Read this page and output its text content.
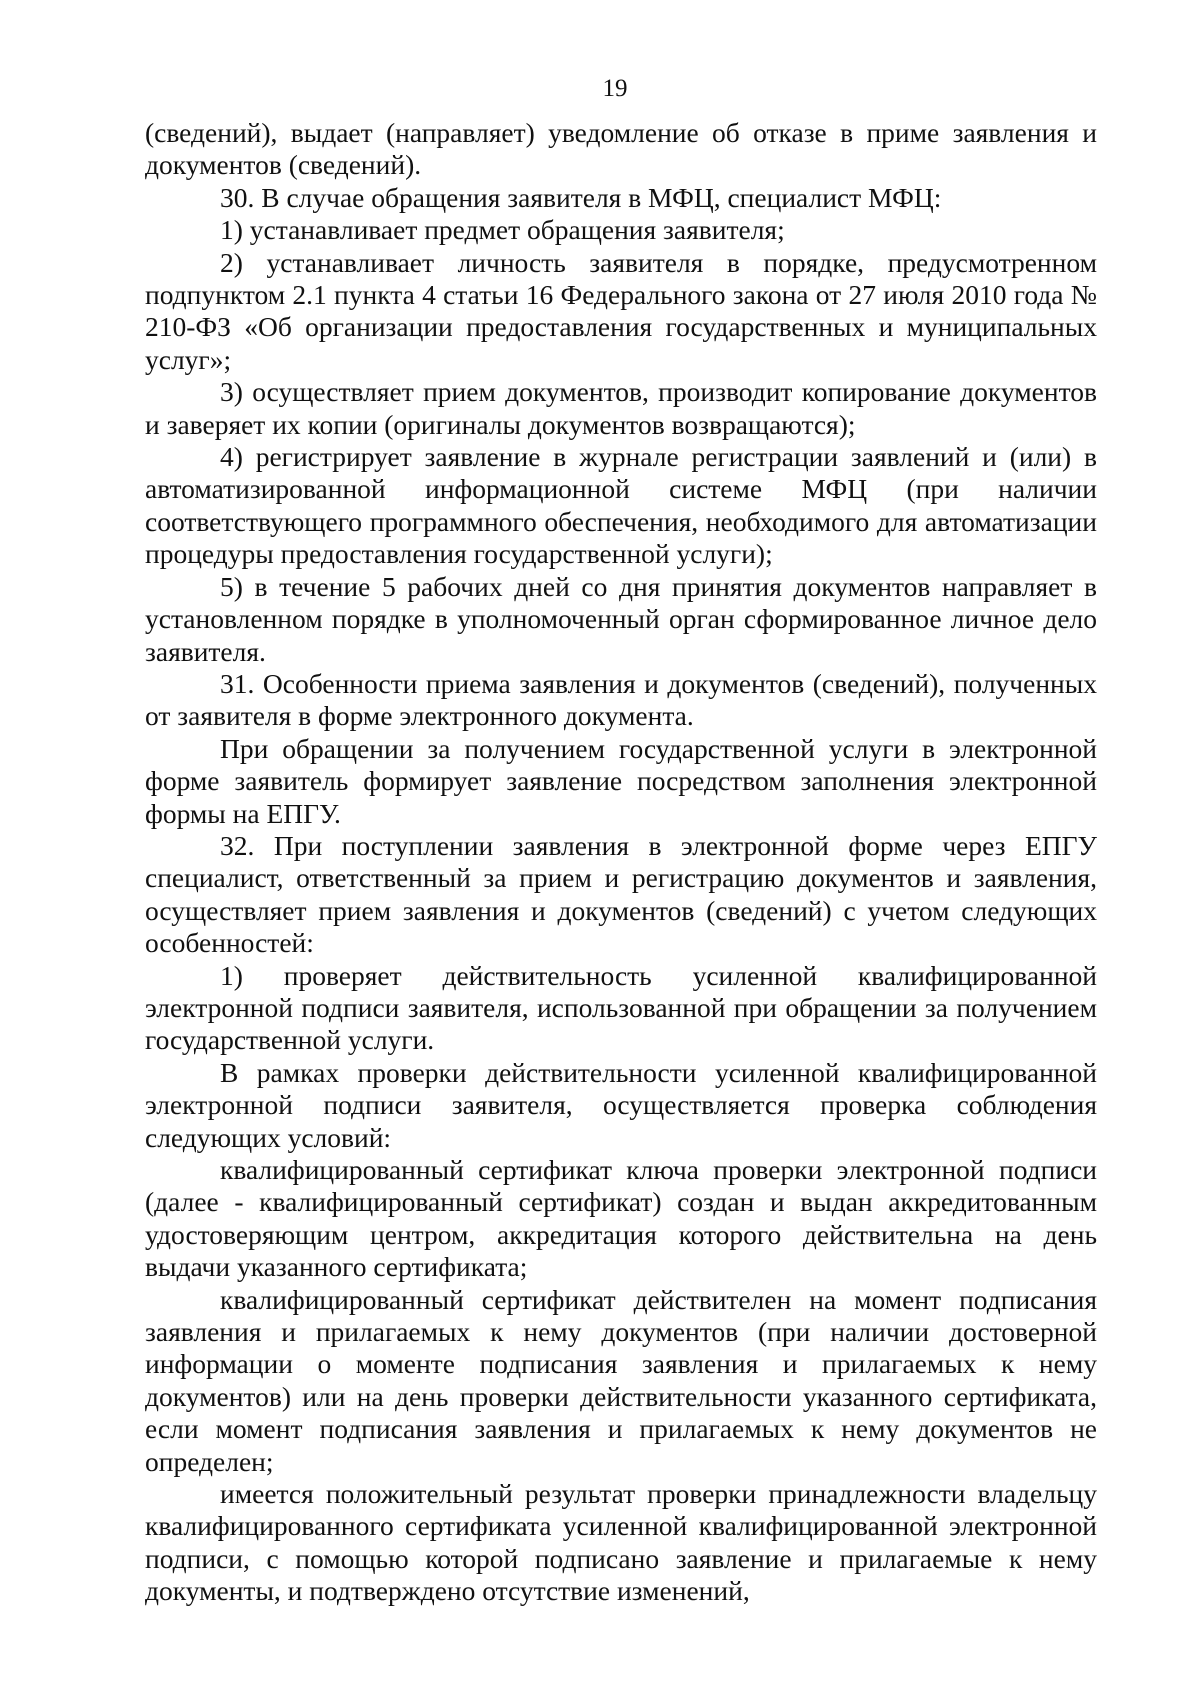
19

(сведений), выдает (направляет) уведомление об отказе в приме заявления и документов (сведений).

30. В случае обращения заявителя в МФЦ, специалист МФЦ:

1) устанавливает предмет обращения заявителя;

2) устанавливает личность заявителя в порядке, предусмотренном подпунктом 2.1 пункта 4 статьи 16 Федерального закона от 27 июля 2010 года № 210-ФЗ «Об организации предоставления государственных и муниципальных услуг»;

3) осуществляет прием документов, производит копирование документов и заверяет их копии (оригиналы документов возвращаются);

4) регистрирует заявление в журнале регистрации заявлений и (или) в автоматизированной информационной системе МФЦ (при наличии соответствующего программного обеспечения, необходимого для автоматизации процедуры предоставления государственной услуги);

5) в течение 5 рабочих дней со дня принятия документов направляет в установленном порядке в уполномоченный орган сформированное личное дело заявителя.

31. Особенности приема заявления и документов (сведений), полученных от заявителя в форме электронного документа.

При обращении за получением государственной услуги в электронной форме заявитель формирует заявление посредством заполнения электронной формы на ЕПГУ.

32. При поступлении заявления в электронной форме через ЕПГУ специалист, ответственный за прием и регистрацию документов и заявления, осуществляет прием заявления и документов (сведений) с учетом следующих особенностей:

1) проверяет действительность усиленной квалифицированной электронной подписи заявителя, использованной при обращении за получением государственной услуги.

В рамках проверки действительности усиленной квалифицированной электронной подписи заявителя, осуществляется проверка соблюдения следующих условий:

квалифицированный сертификат ключа проверки электронной подписи (далее - квалифицированный сертификат) создан и выдан аккредитованным удостоверяющим центром, аккредитация которого действительна на день выдачи указанного сертификата;

квалифицированный сертификат действителен на момент подписания заявления и прилагаемых к нему документов (при наличии достоверной информации о моменте подписания заявления и прилагаемых к нему документов) или на день проверки действительности указанного сертификата, если момент подписания заявления и прилагаемых к нему документов не определен;

имеется положительный результат проверки принадлежности владельцу квалифицированного сертификата усиленной квалифицированной электронной подписи, с помощью которой подписано заявление и прилагаемые к нему документы, и подтверждено отсутствие изменений,
